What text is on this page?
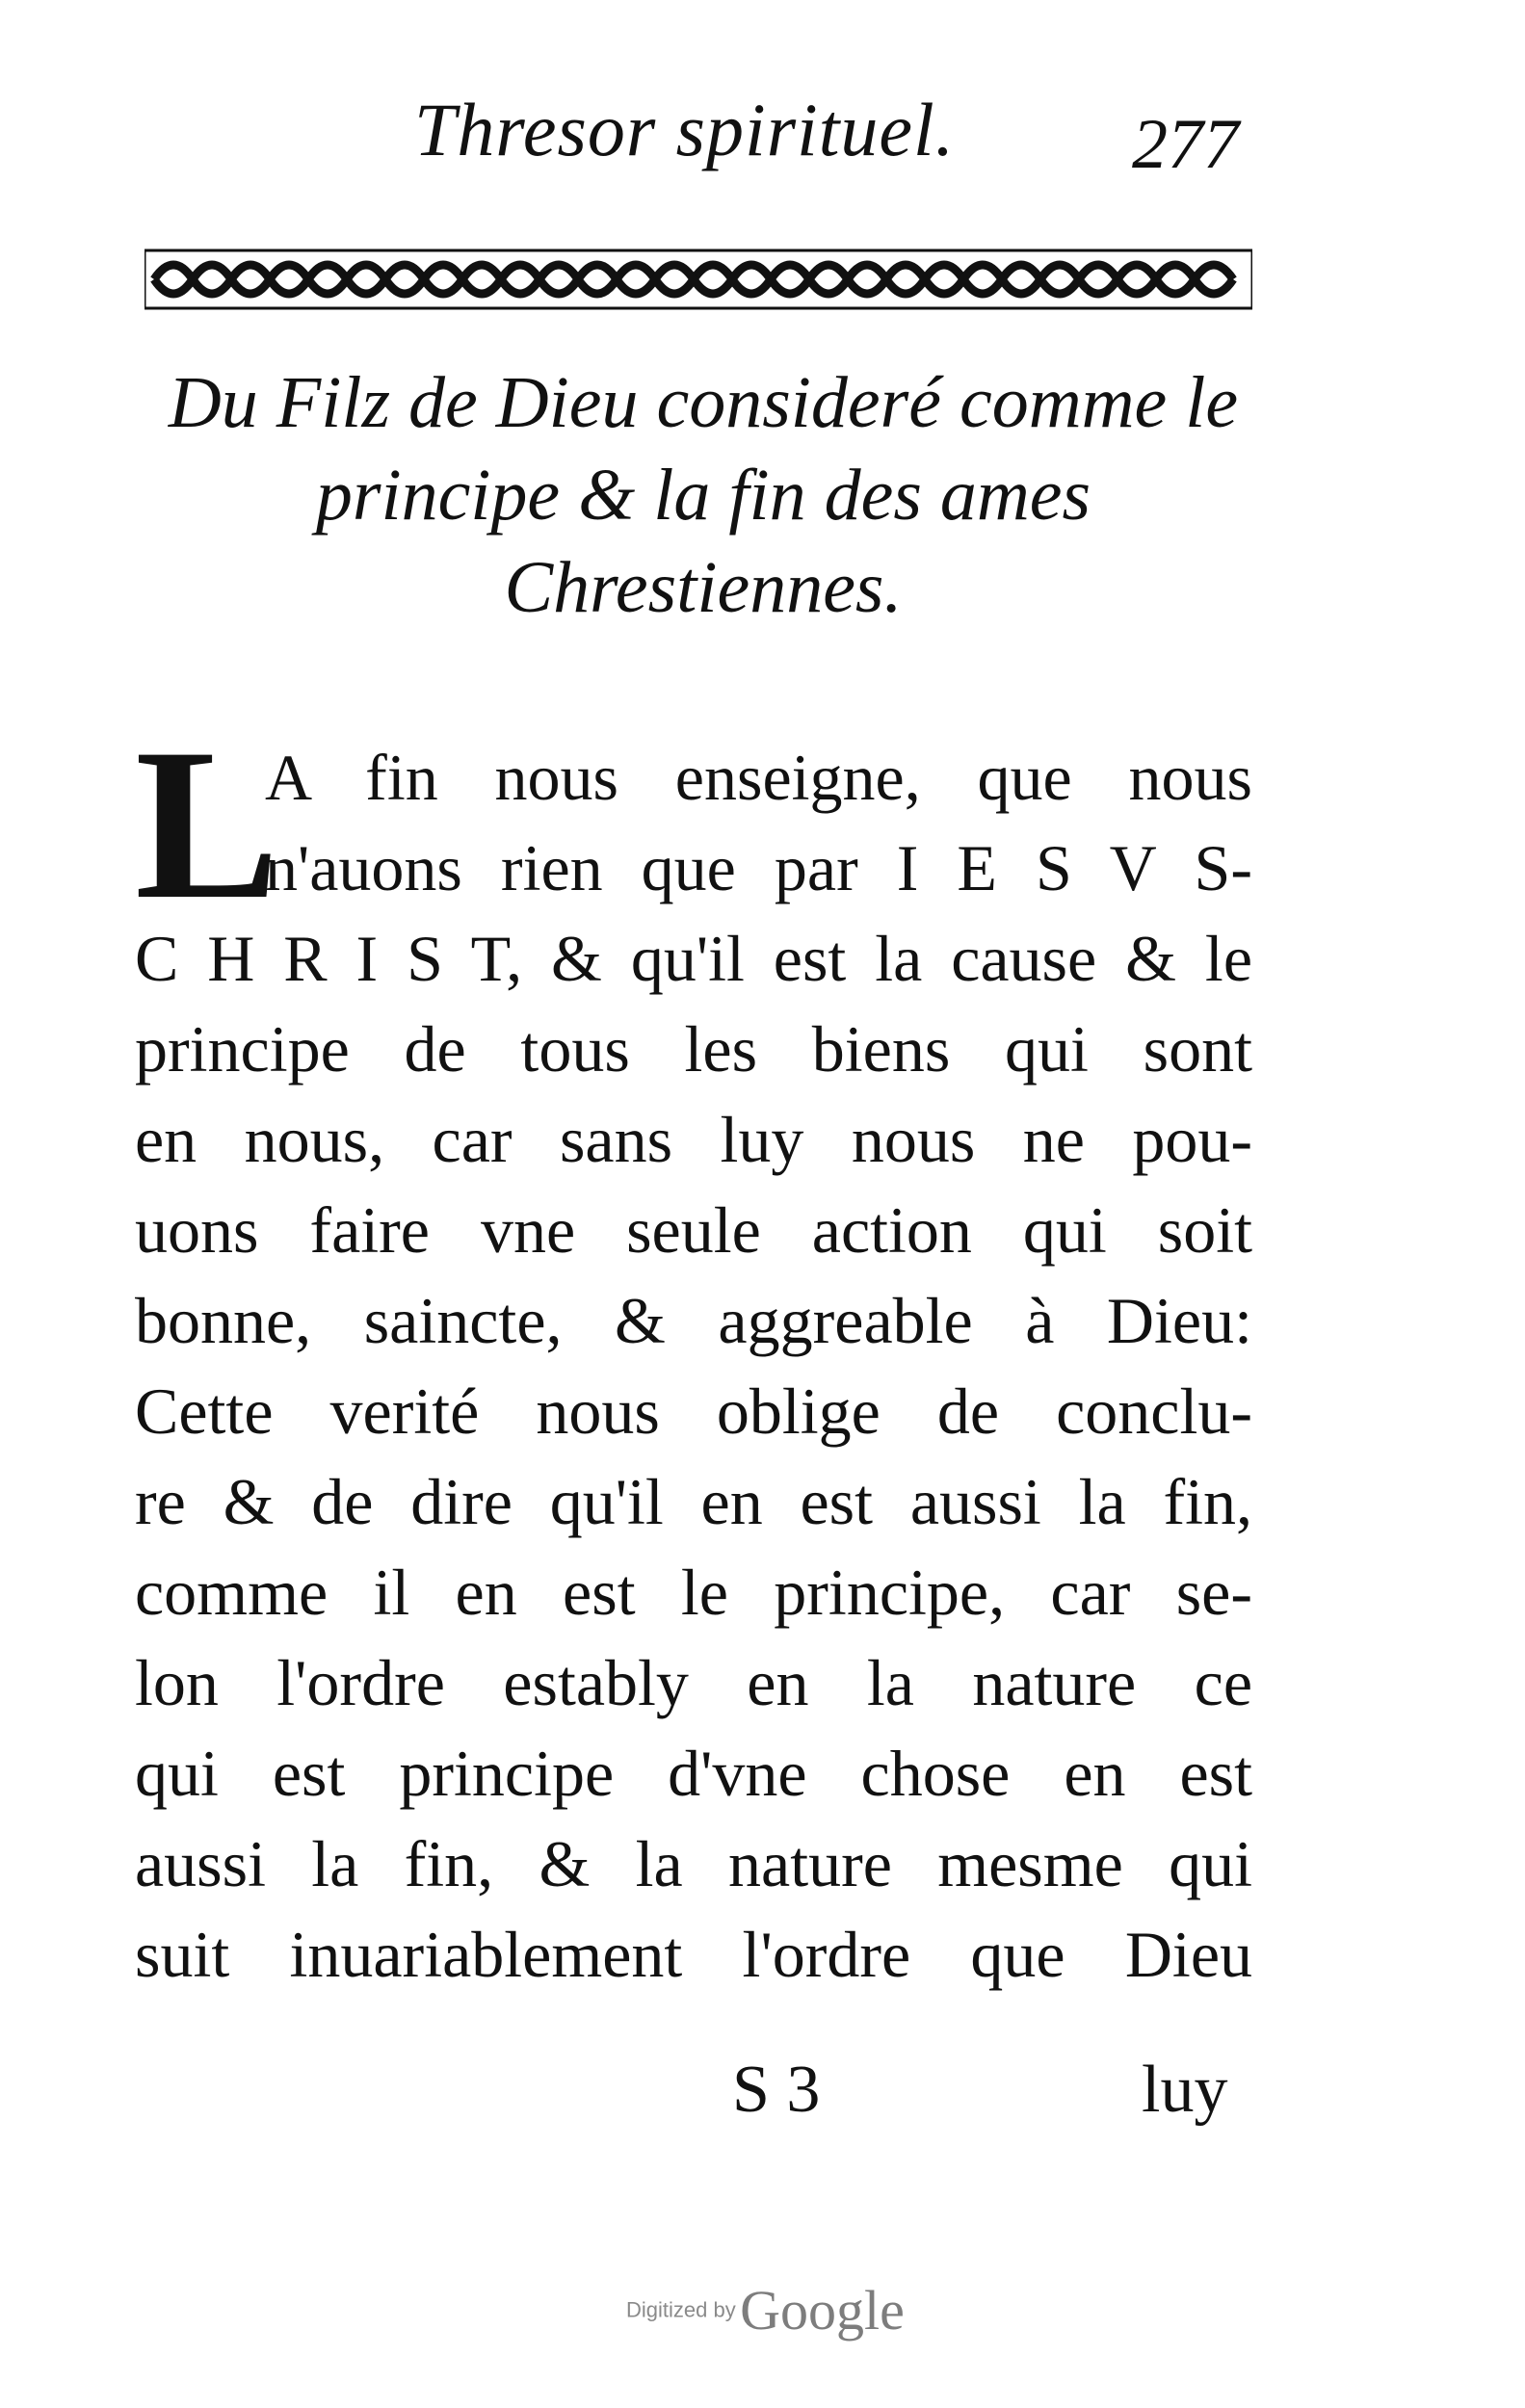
Thresor spirituel. 277
Du Filz de Dieu consideré comme le
principe & la fin des ames
Chrestiennes.
L
A fin nous enseigne, que nous
n'auons rien que par I E S V S-
C H R I S T, & qu'il est la cause & le
principe de tous les biens qui sont
en nous, car sans luy nous ne pou-
uons faire vne seule action qui soit
bonne, saincte, & aggreable à Dieu:
Cette verité nous oblige de conclu-
re & de dire qu'il en est aussi la fin,
comme il en est le principe, car se-
lon l'ordre estably en la nature ce
qui est principe d'vne chose en est
aussi la fin, & la nature mesme qui
suit inuariablement l'ordre que Dieu
S 3	luy
Digitized by Google
